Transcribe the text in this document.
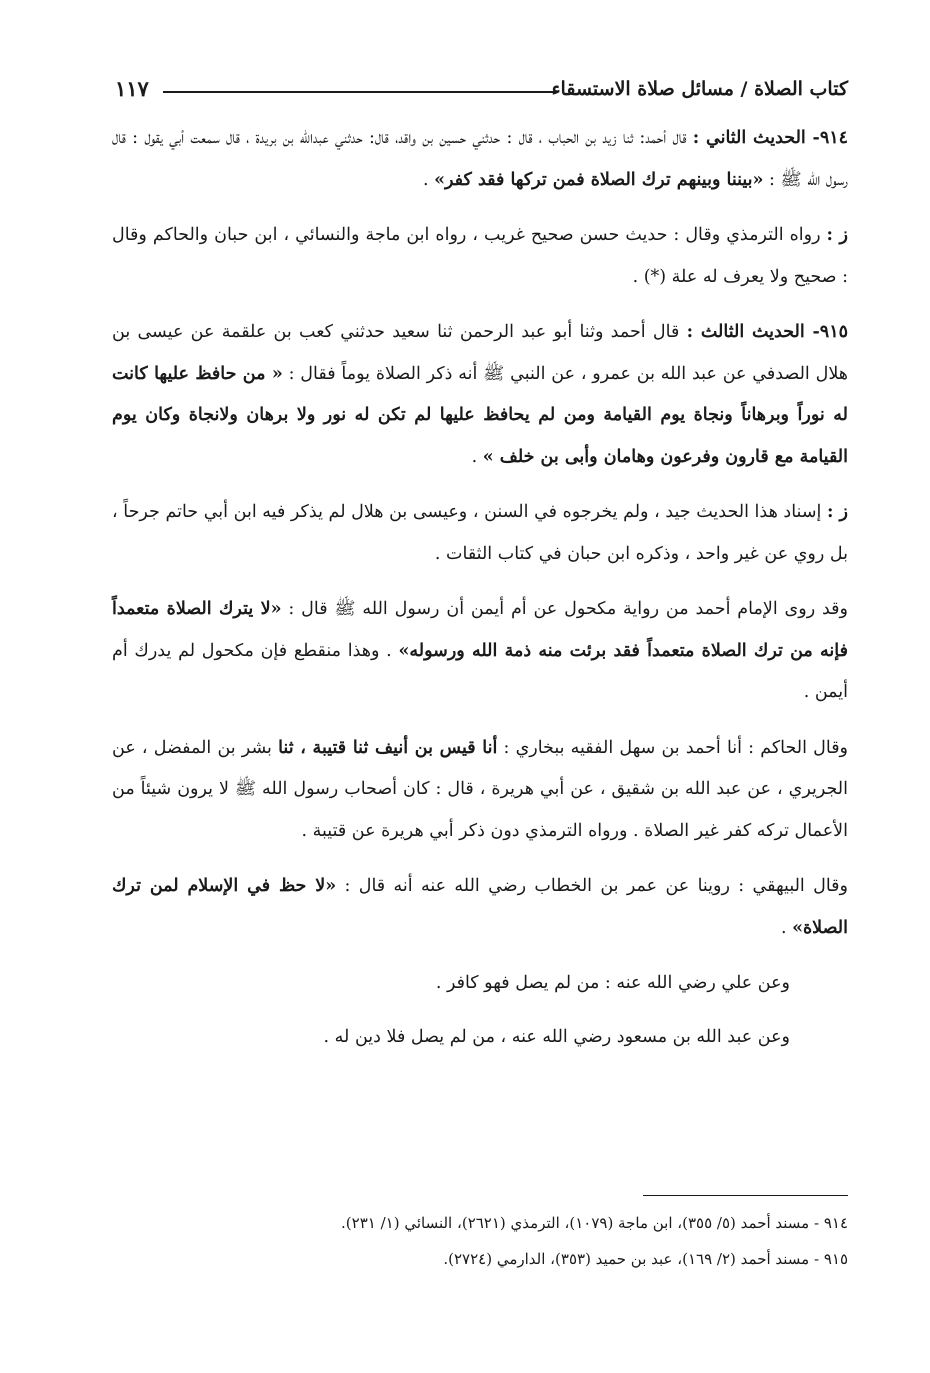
كتاب الصلاة / مسائل صلاة الاستسقاء
١١٧

٩١٤- الحديث الثاني : قال أحمد: ثنا زيد بن الحباب ، قال : حدثني حسين بن واقد، قال: حدثني عبدالله بن بريدة ، قال سمعت أبي يقول : قال رسول الله ﷺ : «بيننا وبينهم ترك الصلاة فمن تركها فقد كفر» .

ز : رواه الترمذي وقال : حديث حسن صحيح غريب ، رواه ابن ماجة والنسائي ، ابن حبان والحاكم وقال : صحيح ولا يعرف له علة (*) .

٩١٥- الحديث الثالث : قال أحمد وثنا أبو عبد الرحمن ثنا سعيد حدثني كعب بن علقمة عن عيسى بن هلال الصدفي عن عبد الله بن عمرو ، عن النبي ﷺ أنه ذكر الصلاة يوماً فقال : « من حافظ عليها كانت له نوراً وبرهاناً ونجاة يوم القيامة ومن لم يحافظ عليها لم تكن له نور ولا برهان ولانجاة وكان يوم القيامة مع قارون وفرعون وهامان وأبى بن خلف » .

ز : إسناد هذا الحديث جيد ، ولم يخرجوه في السنن ، وعيسى بن هلال لم يذكر فيه ابن أبي حاتم جرحاً ، بل روي عن غير واحد ، وذكره ابن حبان في كتاب الثقات .

وقد روى الإمام أحمد من رواية مكحول عن أم أيمن أن رسول الله ﷺ قال : «لا يترك الصلاة متعمداً فإنه من ترك الصلاة متعمداً فقد برئت منه ذمة الله ورسوله» . وهذا منقطع فإن مكحول لم يدرك أم أيمن .

وقال الحاكم : أنا أحمد بن سهل الفقيه ببخاري : أنا قيس بن أنيف ثنا قتيبة ، ثنا بشر بن المفضل ، عن الجريري ، عن عبد الله بن شقيق ، عن أبي هريرة ، قال : كان أصحاب رسول الله ﷺ لا يرون شيئاً من الأعمال تركه كفر غير الصلاة . ورواه الترمذي دون ذكر أبي هريرة عن قتيبة .

وقال البيهقي : روينا عن عمر بن الخطاب رضي الله عنه أنه قال : «لا حظ في الإسلام لمن ترك الصلاة» .

وعن علي رضي الله عنه : من لم يصل فهو كافر .

وعن عبد الله بن مسعود رضي الله عنه ، من لم يصل فلا دين له .

٩١٤ - مسند أحمد (٥/ ٣٥٥)، ابن ماجة (١٠٧٩)، الترمذي (٢٦٢١)، النسائي (١/ ٢٣١).

٩١٥ - مسند أحمد (٢/ ١٦٩)، عبد بن حميد (٣٥٣)، الدارمي (٢٧٢٤).
